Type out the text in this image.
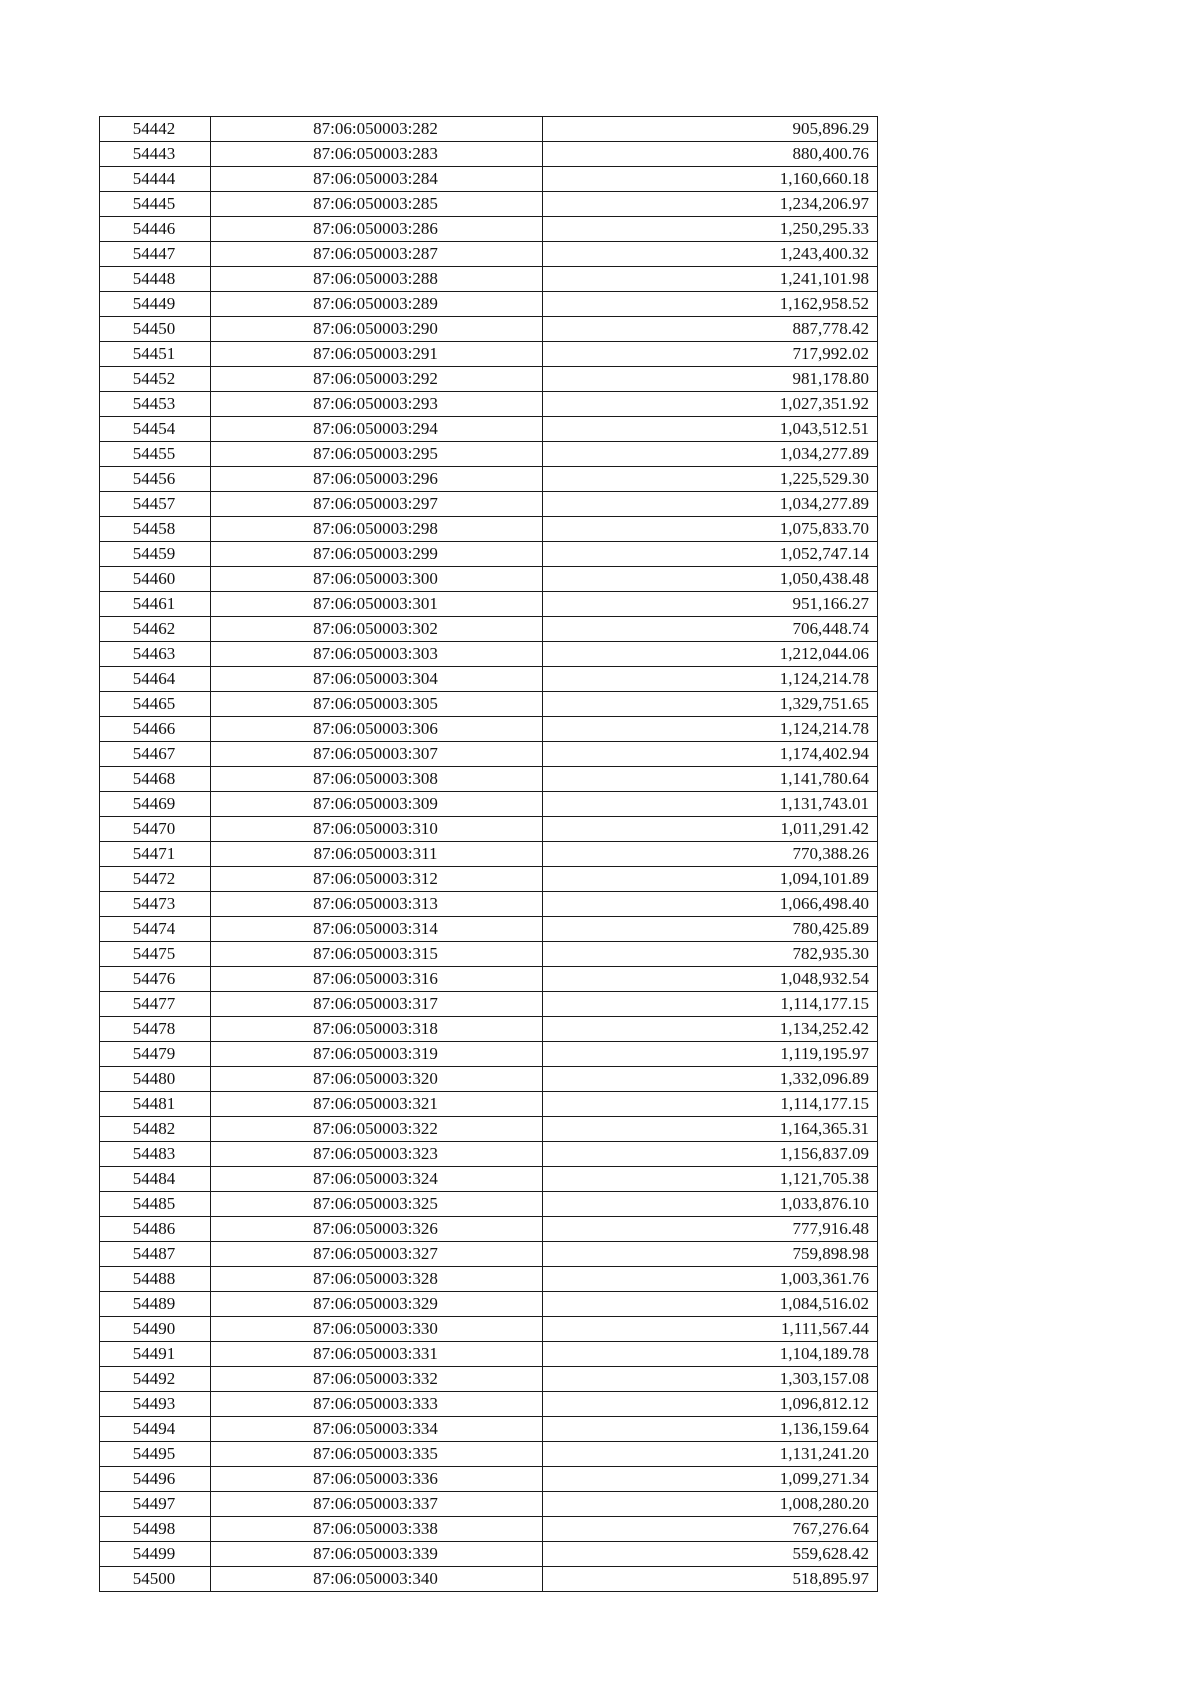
54442	87:06:050003:282	905,896.29
54443	87:06:050003:283	880,400.76
54444	87:06:050003:284	1,160,660.18
54445	87:06:050003:285	1,234,206.97
54446	87:06:050003:286	1,250,295.33
54447	87:06:050003:287	1,243,400.32
54448	87:06:050003:288	1,241,101.98
54449	87:06:050003:289	1,162,958.52
54450	87:06:050003:290	887,778.42
54451	87:06:050003:291	717,992.02
54452	87:06:050003:292	981,178.80
54453	87:06:050003:293	1,027,351.92
54454	87:06:050003:294	1,043,512.51
54455	87:06:050003:295	1,034,277.89
54456	87:06:050003:296	1,225,529.30
54457	87:06:050003:297	1,034,277.89
54458	87:06:050003:298	1,075,833.70
54459	87:06:050003:299	1,052,747.14
54460	87:06:050003:300	1,050,438.48
54461	87:06:050003:301	951,166.27
54462	87:06:050003:302	706,448.74
54463	87:06:050003:303	1,212,044.06
54464	87:06:050003:304	1,124,214.78
54465	87:06:050003:305	1,329,751.65
54466	87:06:050003:306	1,124,214.78
54467	87:06:050003:307	1,174,402.94
54468	87:06:050003:308	1,141,780.64
54469	87:06:050003:309	1,131,743.01
54470	87:06:050003:310	1,011,291.42
54471	87:06:050003:311	770,388.26
54472	87:06:050003:312	1,094,101.89
54473	87:06:050003:313	1,066,498.40
54474	87:06:050003:314	780,425.89
54475	87:06:050003:315	782,935.30
54476	87:06:050003:316	1,048,932.54
54477	87:06:050003:317	1,114,177.15
54478	87:06:050003:318	1,134,252.42
54479	87:06:050003:319	1,119,195.97
54480	87:06:050003:320	1,332,096.89
54481	87:06:050003:321	1,114,177.15
54482	87:06:050003:322	1,164,365.31
54483	87:06:050003:323	1,156,837.09
54484	87:06:050003:324	1,121,705.38
54485	87:06:050003:325	1,033,876.10
54486	87:06:050003:326	777,916.48
54487	87:06:050003:327	759,898.98
54488	87:06:050003:328	1,003,361.76
54489	87:06:050003:329	1,084,516.02
54490	87:06:050003:330	1,111,567.44
54491	87:06:050003:331	1,104,189.78
54492	87:06:050003:332	1,303,157.08
54493	87:06:050003:333	1,096,812.12
54494	87:06:050003:334	1,136,159.64
54495	87:06:050003:335	1,131,241.20
54496	87:06:050003:336	1,099,271.34
54497	87:06:050003:337	1,008,280.20
54498	87:06:050003:338	767,276.64
54499	87:06:050003:339	559,628.42
54500	87:06:050003:340	518,895.97
